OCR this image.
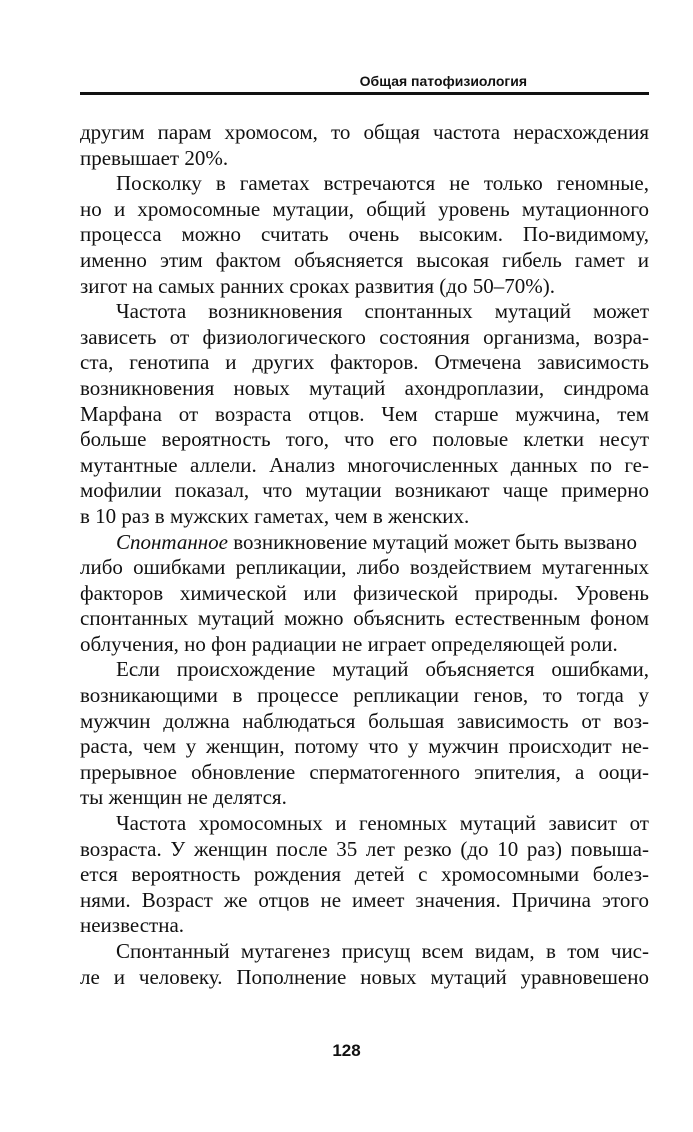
Общая патофизиология
другим парам хромосом, то общая частота нерасхождения
превышает 20%.
Посколку в гаметах встречаются не только геномные,
но и хромосомные мутации, общий уровень мутационного
процесса можно считать очень высоким. По-видимому,
именно этим фактом объясняется высокая гибель гамет и
зигот на самых ранних сроках развития (до 50–70%).
Частота возникновения спонтанных мутаций может
зависеть от физиологического состояния организма, возра-
ста, генотипа и других факторов. Отмечена зависимость
возникновения новых мутаций ахондроплазии, синдрома
Марфана от возраста отцов. Чем старше мужчина, тем
больше вероятность того, что его половые клетки несут
мутантные аллели. Анализ многочисленных данных по ге-
мофилии показал, что мутации возникают чаще примерно
в 10 раз в мужских гаметах, чем в женских.
Спонтанное возникновение мутаций может быть вызвано
либо ошибками репликации, либо воздействием мутагенных
факторов химической или физической природы. Уровень
спонтанных мутаций можно объяснить естественным фоном
облучения, но фон радиации не играет определяющей роли.
Если происхождение мутаций объясняется ошибками,
возникающими в процессе репликации генов, то тогда у
мужчин должна наблюдаться большая зависимость от воз-
раста, чем у женщин, потому что у мужчин происходит не-
прерывное обновление сперматогенного эпителия, а ооци-
ты женщин не делятся.
Частота хромосомных и геномных мутаций зависит от
возраста. У женщин после 35 лет резко (до 10 раз) повыша-
ется вероятность рождения детей с хромосомными болез-
нями. Возраст же отцов не имеет значения. Причина этого
неизвестна.
Спонтанный мутагенез присущ всем видам, в том чис-
ле и человеку. Пополнение новых мутаций уравновешено
128
